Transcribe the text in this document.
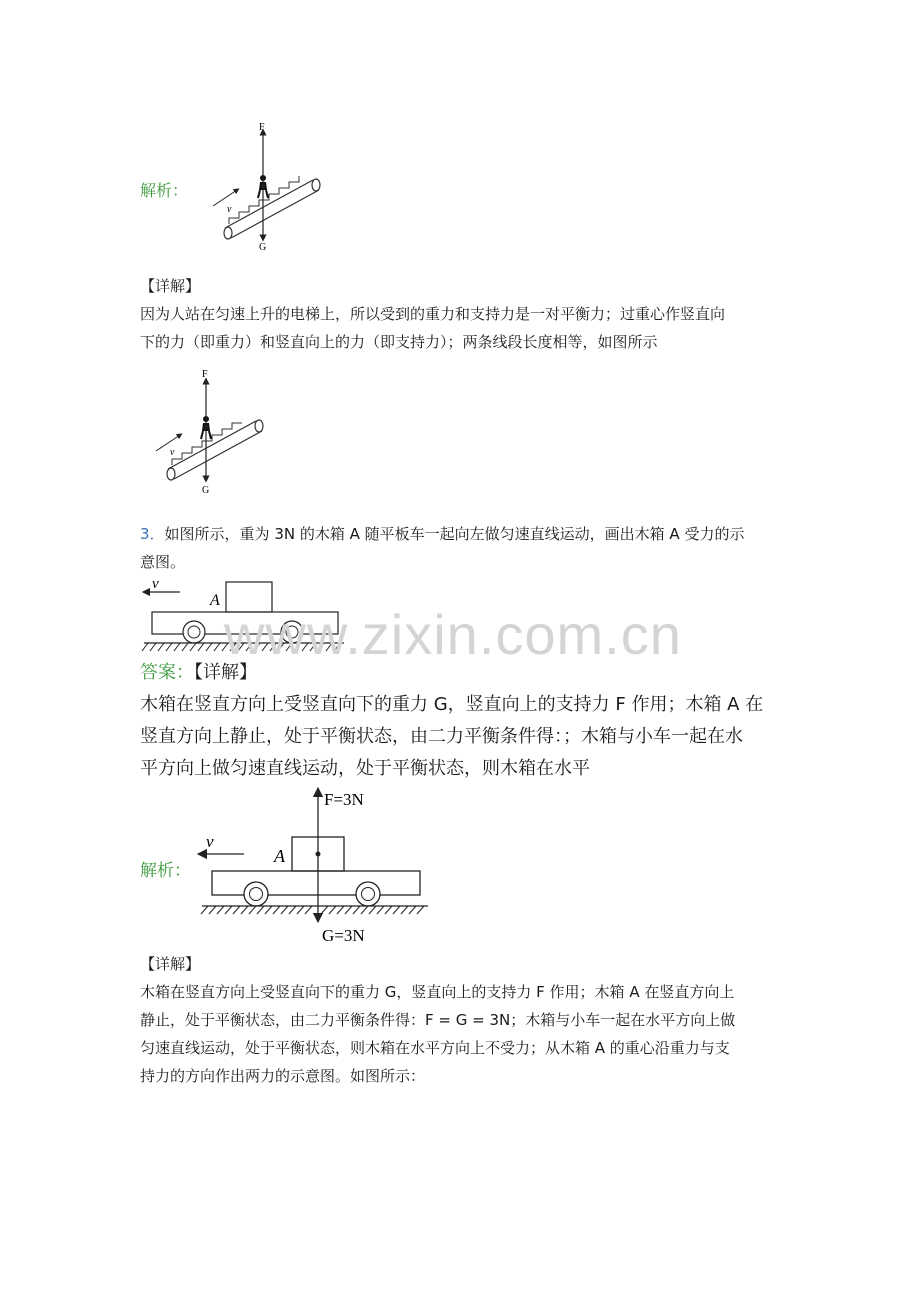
解析：
F
G
v
【详解】
因为人站在匀速上升的电梯上，所以受到的重力和支持力是一对平衡力；过重心作竖直向
下的力（即重力）和竖直向上的力（即支持力）；两条线段长度相等，如图所示
F
G
v
3．如图所示，重为 3N 的木箱 A 随平板车一起向左做匀速直线运动，画出木箱 A 受力的示
意图。
v
A
www.zixin.com.cn
答案：【详解】
木箱在竖直方向上受竖直向下的重力 G，竖直向上的支持力 F 作用；木箱 A 在
竖直方向上静止，处于平衡状态，由二力平衡条件得：；木箱与小车一起在水
平方向上做匀速直线运动，处于平衡状态，则木箱在水平
解析：
F=3N
v
A
G=3N
【详解】
木箱在竖直方向上受竖直向下的重力 G，竖直向上的支持力 F 作用；木箱 A 在竖直方向上
静止，处于平衡状态，由二力平衡条件得：F = G = 3N；木箱与小车一起在水平方向上做
匀速直线运动，处于平衡状态，则木箱在水平方向上不受力；从木箱 A 的重心沿重力与支
持力的方向作出两力的示意图。如图所示：
